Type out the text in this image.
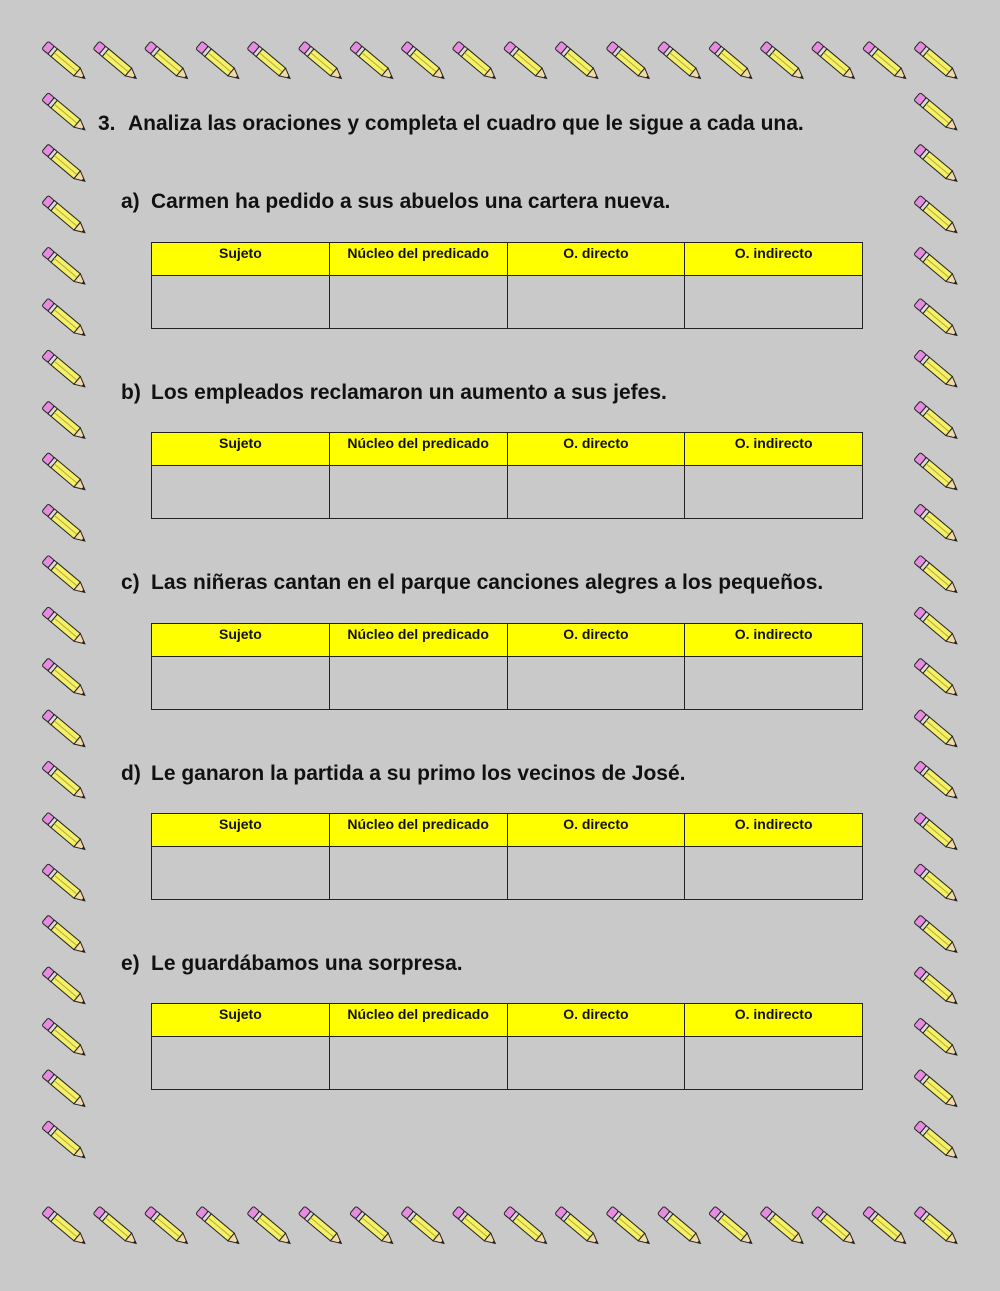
3. Analiza las oraciones y completa el cuadro que le sigue a cada una.
a) Carmen ha pedido a sus abuelos una cartera nueva.
Sujeto	Núcleo del predicado	O. directo	O. indirecto

b) Los empleados reclamaron un aumento a sus jefes.
Sujeto	Núcleo del predicado	O. directo	O. indirecto

c) Las niñeras cantan en el parque canciones alegres a los pequeños.
Sujeto	Núcleo del predicado	O. directo	O. indirecto

d) Le ganaron la partida a su primo los vecinos de José.
Sujeto	Núcleo del predicado	O. directo	O. indirecto

e) Le guardábamos una sorpresa.
Sujeto	Núcleo del predicado	O. directo	O. indirecto
